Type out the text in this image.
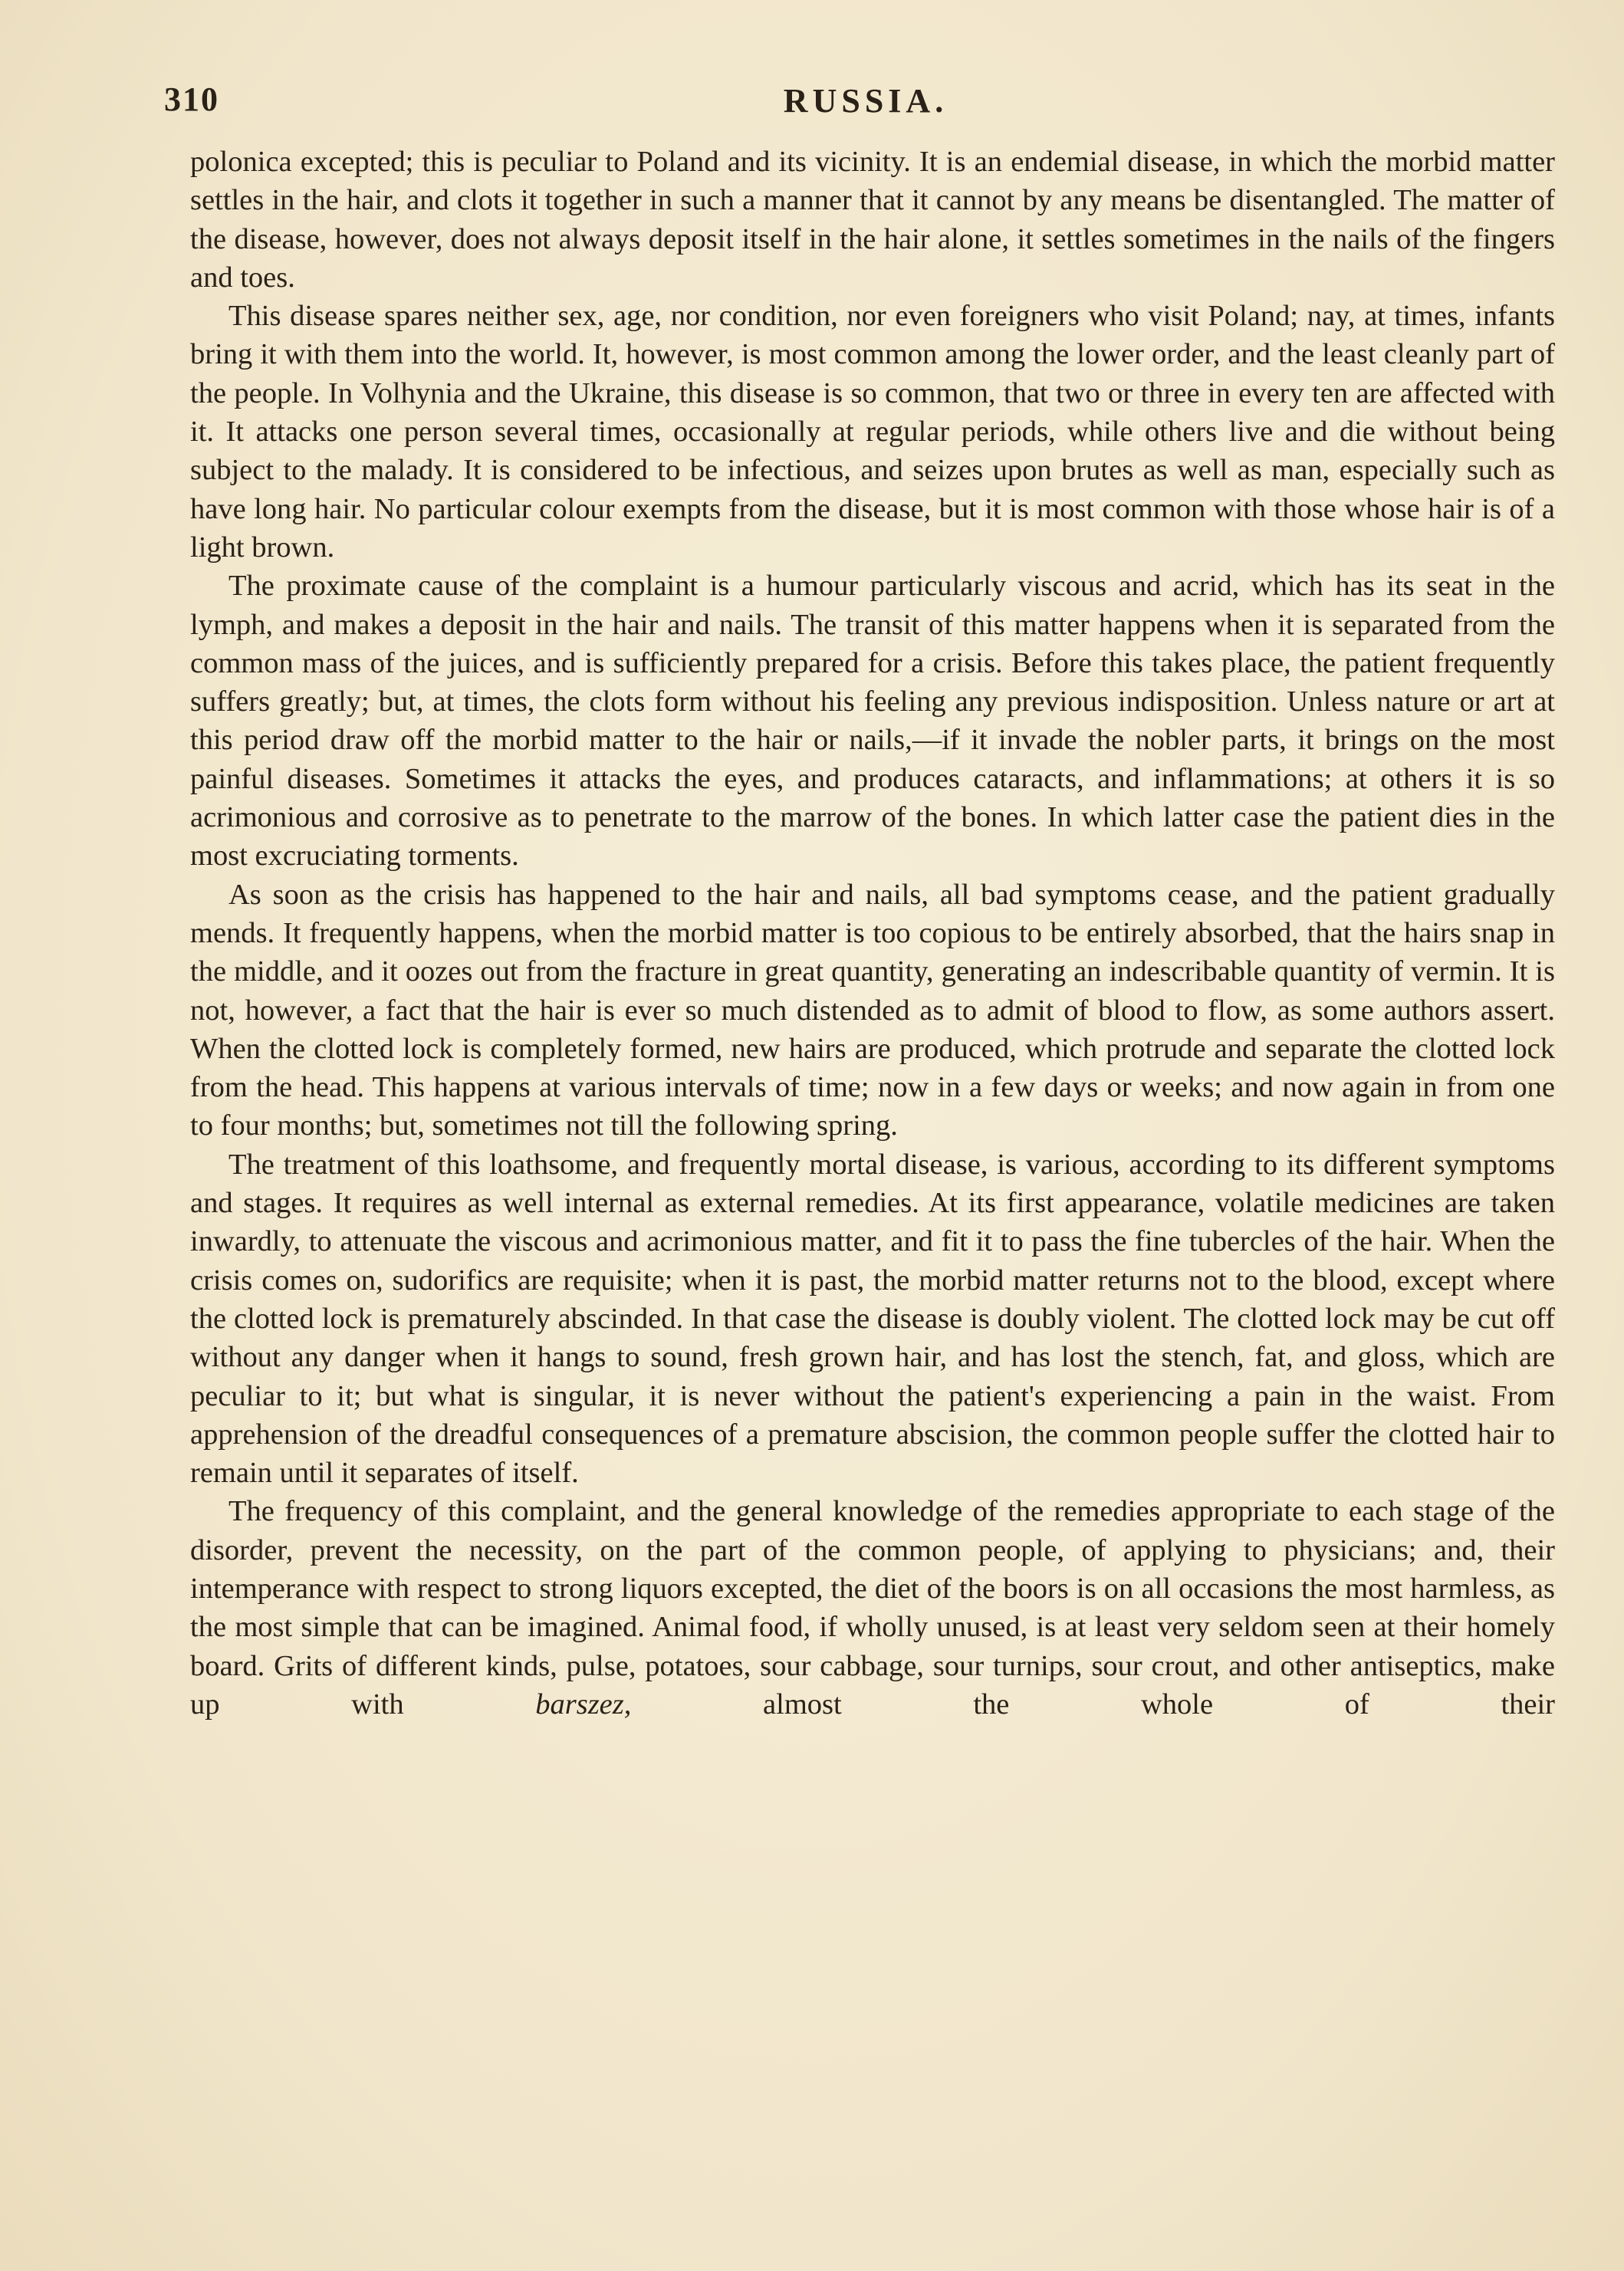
310	RUSSIA.

polonica excepted; this is peculiar to Poland and its vicinity. It is an endemial disease, in which the morbid matter settles in the hair, and clots it together in such a manner that it cannot by any means be disentangled. The matter of the disease, however, does not always deposit itself in the hair alone, it settles sometimes in the nails of the fingers and toes.

This disease spares neither sex, age, nor condition, nor even foreigners who visit Poland; nay, at times, infants bring it with them into the world. It, however, is most common among the lower order, and the least cleanly part of the people. In Volhynia and the Ukraine, this disease is so common, that two or three in every ten are affected with it. It attacks one person several times, occasionally at regular periods, while others live and die without being subject to the malady. It is considered to be infectious, and seizes upon brutes as well as man, especially such as have long hair. No particular colour exempts from the disease, but it is most common with those whose hair is of a light brown.

The proximate cause of the complaint is a humour particularly viscous and acrid, which has its seat in the lymph, and makes a deposit in the hair and nails. The transit of this matter happens when it is separated from the common mass of the juices, and is sufficiently prepared for a crisis. Before this takes place, the patient frequently suffers greatly; but, at times, the clots form without his feeling any previous indisposition. Unless nature or art at this period draw off the morbid matter to the hair or nails,—if it invade the nobler parts, it brings on the most painful diseases. Sometimes it attacks the eyes, and produces cataracts, and inflammations; at others it is so acrimonious and corrosive as to penetrate to the marrow of the bones. In which latter case the patient dies in the most excruciating torments.

As soon as the crisis has happened to the hair and nails, all bad symptoms cease, and the patient gradually mends. It frequently happens, when the morbid matter is too copious to be entirely absorbed, that the hairs snap in the middle, and it oozes out from the fracture in great quantity, generating an indescribable quantity of vermin. It is not, however, a fact that the hair is ever so much distended as to admit of blood to flow, as some authors assert. When the clotted lock is completely formed, new hairs are produced, which protrude and separate the clotted lock from the head. This happens at various intervals of time; now in a few days or weeks; and now again in from one to four months; but, sometimes not till the following spring.

The treatment of this loathsome, and frequently mortal disease, is various, according to its different symptoms and stages. It requires as well internal as external remedies. At its first appearance, volatile medicines are taken inwardly, to attenuate the viscous and acrimonious matter, and fit it to pass the fine tubercles of the hair. When the crisis comes on, sudorifics are requisite; when it is past, the morbid matter returns not to the blood, except where the clotted lock is prematurely abscinded. In that case the disease is doubly violent. The clotted lock may be cut off without any danger when it hangs to sound, fresh grown hair, and has lost the stench, fat, and gloss, which are peculiar to it; but what is singular, it is never without the patient's experiencing a pain in the waist. From apprehension of the dreadful consequences of a premature abscision, the common people suffer the clotted hair to remain until it separates of itself.

The frequency of this complaint, and the general knowledge of the remedies appropriate to each stage of the disorder, prevent the necessity, on the part of the common people, of applying to physicians; and, their intemperance with respect to strong liquors excepted, the diet of the boors is on all occasions the most harmless, as the most simple that can be imagined. Animal food, if wholly unused, is at least very seldom seen at their homely board. Grits of different kinds, pulse, potatoes, sour cabbage, sour turnips, sour crout, and other antiseptics, make up with	barszez,	almost the whole of their
